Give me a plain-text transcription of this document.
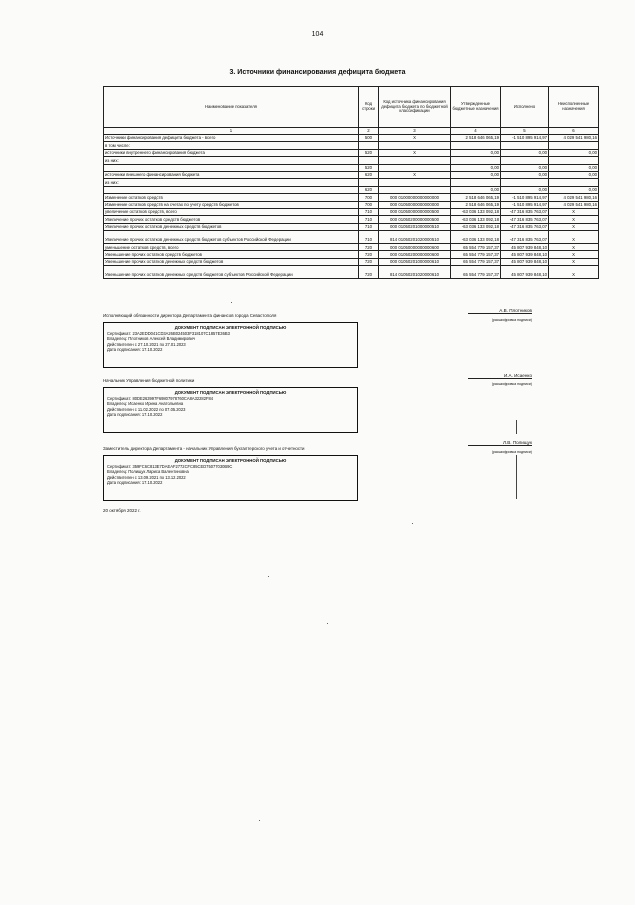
104
3. Источники финансирования дефицита бюджета
Наименование показателя	Код строки	Код источника финансирования дефицита бюджета по бюджетной классификации	Утвержденные бюджетные назначения	Исполнено	Неисполненные назначения
1	2	3	4	5	6
Источники финансирования дефицита бюджета - всего	500	X	2 518 646 065,19	-1 510 895 914,97	4 029 541 980,16
в том числе:					
источники внутреннего финансирования бюджета	520	X	0,00	0,00	0,00
из них:					
	520		0,00	0,00	0,00
источники внешнего финансирования бюджета	620	X	0,00	0,00	0,00
из них:					
	620		0,00	0,00	0,00
Изменение остатков средств	700	000 01000000000000000	2 518 646 065,19	-1 510 895 914,97	4 029 541 980,16
Изменение остатков средств на счетах по учету средств бюджетов	700	000 01050000000000000	2 518 646 065,19	-1 510 895 914,97	4 029 541 980,16
увеличение остатков средств, всего	710	000 01050000000000500	-63 036 133 092,18	-47 316 835 763,07	X
Увеличение прочих остатков средств бюджетов	710	000 01050200000000500	-63 036 133 092,18	-47 316 835 763,07	X
Увеличение прочих остатков денежных средств бюджетов	710	000 01050201000000510	-63 036 133 092,18	-47 316 835 763,07	X
Увеличение прочих остатков денежных средств бюджетов субъектов Российской Федерации	710	814 01050201020000510	-63 036 133 092,18	-47 316 835 763,07	X
уменьшение остатков средств, всего	720	000 01050000000000600	65 554 779 157,37	45 807 939 848,10	X
Уменьшение прочих остатков средств бюджетов	720	000 01050200000000600	65 554 779 157,37	45 807 939 848,10	X
Уменьшение прочих остатков денежных средств бюджетов	720	000 01050201000000610	65 554 779 157,37	45 807 939 848,10	X
Уменьшение прочих остатков денежных средств бюджетов субъектов Российской Федерации	720	814 01050201020000610	65 554 779 157,37	45 807 939 848,10	X
Исполняющий обязанности директора Департамента финансов города Севастополя
А.В. Плотников
(расшифровка подписи)
ДОКУМЕНТ ПОДПИСАН ЭЛЕКТРОННОЙ ПОДПИСЬЮ
Сертификат: 23A2EDD041CD3A26B024503F318107C1857E36B3
Владелец: Плотников Алексей Владимирович
Действителен с 27.10.2021 по 27.01.2023
Дата подписания: 17.10.2022
Начальник Управления бюджетной политики
И.А. Исаенко
(расшифровка подписи)
ДОКУМЕНТ ПОДПИСАН ЭЛЕКТРОННОЙ ПОДПИСЬЮ
Сертификат: 80DE263997F69807978760CA8A32282F84
Владелец: Исаенко Ирина Анатольевна
Действителен с 11.02.2022 по 07.05.2023
Дата подписания: 17.10.2022
Заместитель директора Департамента - начальник Управления бухгалтерского учета и отчетности
Л.В. Полищук
(расшифровка подписи)
ДОКУМЕНТ ПОДПИСАН ЭЛЕКТРОННОЙ ПОДПИСЬЮ
Сертификат: 359FC6C813E7DAEAF2772CFC85CED75077030B9C
Владелец: Полищук Лариса Валентиновна
Действителен с 13.09.2021 по 13.12.2022
Дата подписания: 17.10.2022
20 октября 2022 г.
